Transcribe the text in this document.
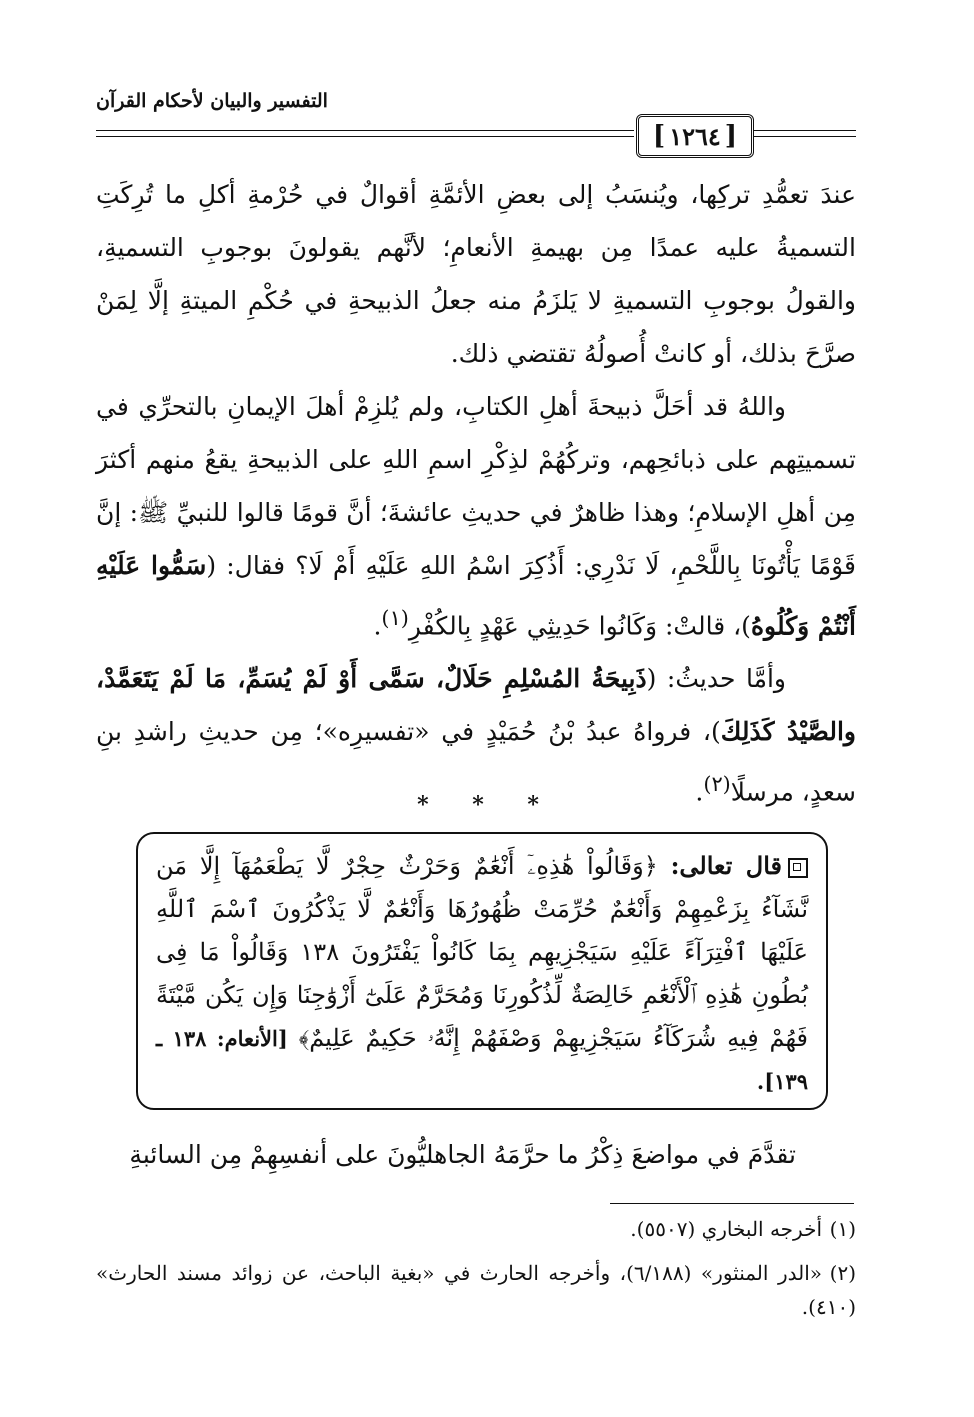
التفسير والبيان لأحكام القرآن
[
١٢٦٤
]

عندَ تعمُّدِ تركِها، ويُنسَبُ إلى بعضِ الأئمَّةِ أقوالٌ في حُرْمةِ أكلِ ما تُرِكَتِ التسميةُ عليه عمدًا مِن بهيمةِ الأنعامِ؛ لأنَّهم يقولونَ بوجوبِ التسميةِ، والقولُ بوجوبِ التسميةِ لا يَلزَمُ منه جعلُ الذبيحةِ في حُكْمِ الميتةِ إلَّا لِمَنْ صرَّحَ بذلك، أو كانتْ أُصولُهُ تقتضي ذلك.

واللهُ قد أحَلَّ ذبيحةَ أهلِ الكتابِ، ولم يُلزِمْ أهلَ الإيمانِ بالتحرِّي في تسميتِهم على ذبائحِهم، وتركُهُمْ لذِكْرِ اسمِ اللهِ على الذبيحةِ يقعُ منهم أكثرَ مِن أهلِ الإسلامِ؛ وهذا ظاهرٌ في حديثِ عائشةَ؛ أنَّ قومًا قالوا للنبيِّ ﷺ: إنَّ قَوْمًا يَأْتُونَا بِاللَّحْمِ، لَا نَدْرِي: أَذُكِرَ اسْمُ اللهِ عَلَيْهِ أَمْ لَا؟ فقال: (سَمُّوا عَلَيْهِ أَنْتُمْ وَكُلُوهُ)، قالتْ: وَكَانُوا حَدِيثِي عَهْدٍ بِالكُفْرِ$^{(١)}$.

وأمَّا حديثُ: (ذَبِيحَةُ المُسْلِمِ حَلَالٌ، سَمَّى أَوْ لَمْ يُسَمِّ، مَا لَمْ يَتَعَمَّدْ، والصَّيْدُ كَذَلِكَ)، فرواهُ عبدُ بْنُ حُمَيْدٍ في «تفسيرِه»؛ مِن حديثِ راشدِ بنِ سعدٍ، مرسلًا$^{(٢)}$.

* * *
قال تعالى: ﴿وَقَالُواْ هَٰذِهِۦٓ أَنْعَٰمٌ وَحَرْثٌ حِجْرٌ لَّا يَطْعَمُهَآ إِلَّا مَن نَّشَآءُ بِزَعْمِهِمْ وَأَنْعَٰمٌ حُرِّمَتْ ظُهُورُهَا وَأَنْعَٰمٌ لَّا يَذْكُرُونَ ٱسْمَ ٱللَّهِ عَلَيْهَا ٱفْتِرَآءً عَلَيْهِ سَيَجْزِيهِم بِمَا كَانُواْ يَفْتَرُونَ ١٣٨ وَقَالُواْ مَا فِى بُطُونِ هَٰذِهِ ٱلْأَنْعَٰمِ خَالِصَةٌ لِّذُكُورِنَا وَمُحَرَّمٌ عَلَىٰٓ أَزْوَٰجِنَا وَإِن يَكُن مَّيْتَةً فَهُمْ فِيهِ شُرَكَآءُ سَيَجْزِيهِمْ وَصْفَهُمْ إِنَّهُۥ حَكِيمٌ عَلِيمٌ﴾ [الأنعام: ١٣٨ ـ ١٣٩].
تقدَّمَ في مواضعَ ذِكْرُ ما حرَّمَهُ الجاهليُّونَ على أنفسِهِمْ مِن السائبةِ

(١)أخرجه البخاري (٥٥٠٧).

(٢)«الدر المنثور» (٦/١٨٨)، وأخرجه الحارث في «بغية الباحث، عن زوائد مسند الحارث» (٤١٠).
